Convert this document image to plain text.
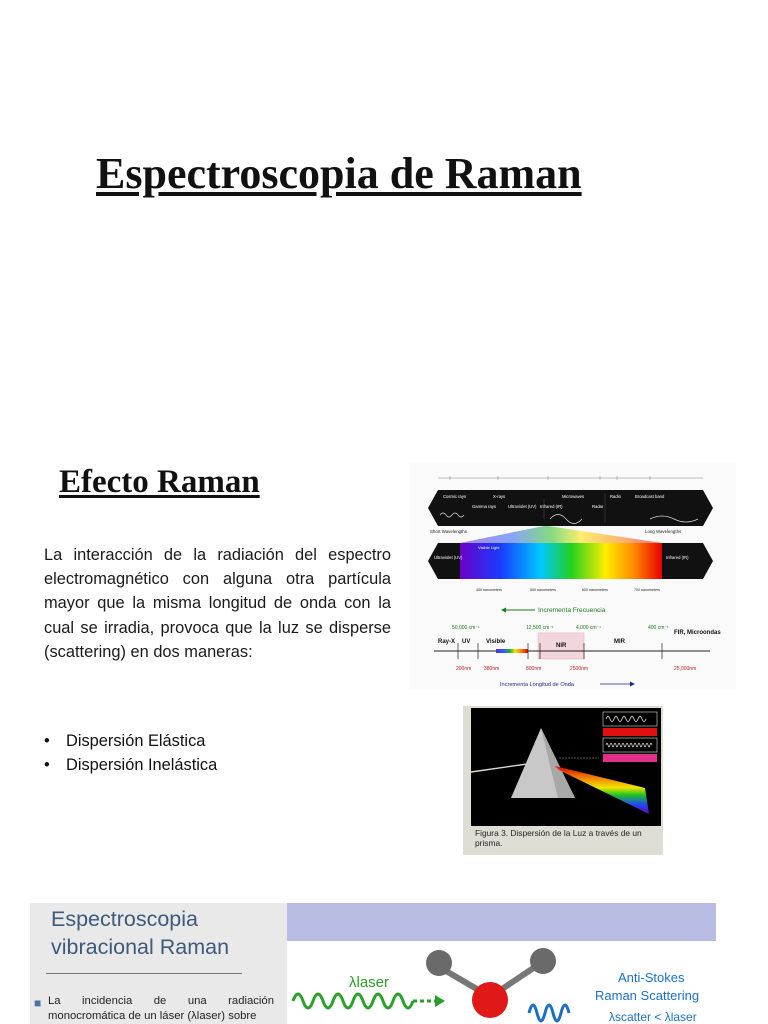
Espectroscopia de Raman
Efecto Raman
La interacción de la radiación del espectro electromagnético con alguna otra partícula mayor que la misma longitud de onda con la cual se irradia, provoca que la luz se disperse (scattering) en dos maneras:
• Dispersión Elástica
• Dispersión Inelástica
Cosmic rays
Gamma rays
X-rays
Ultraviolet (UV) Infrared (IR)
Microwaves
Radar
Radio	Broadcast band
Short Wavelengths	Long Wavelengths
Visible Light
Ultraviolet (UV)	Infrared (IR)
400 nanometers	500 nanometers	600 nanometers	700 nanometers
Incrementa Frecuencia
50,000 cm⁻¹	12,500 cm⁻¹	4,000 cm⁻¹	400 cm⁻¹
Ray-X UV	Visible
NIR
MIR
FIR, Microondas
200nm	380nm	800nm	2500nm	25,000nm
Incrementa Longitud de Onda
Figura 3. Dispersión de la Luz a través de un prisma.
Espectroscopia vibracional Raman
■ La incidencia de una radiación monocromática de un láser (λlaser) sobre
λlaser	Anti-Stokes
Raman Scattering
λscatter < λlaser
